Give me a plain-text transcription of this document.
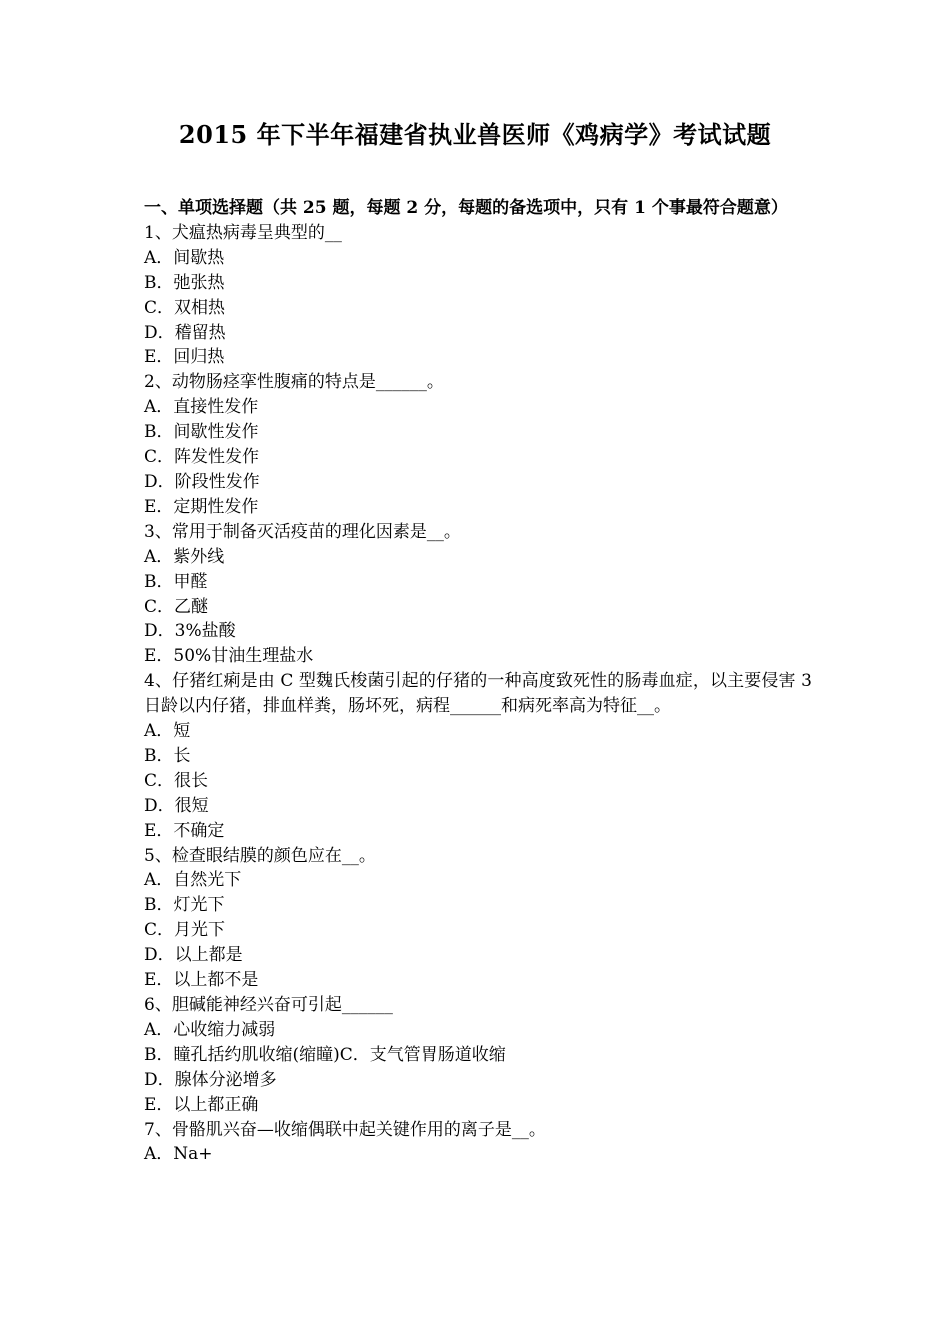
2015 年下半年福建省执业兽医师《鸡病学》考试试题
一、单项选择题（共 25 题，每题 2 分，每题的备选项中，只有 1 个事最符合题意）
1、犬瘟热病毒呈典型的__
A．间歇热
B．弛张热
C．双相热
D．稽留热
E．回归热
2、动物肠痉挛性腹痛的特点是______。
A．直接性发作
B．间歇性发作
C．阵发性发作
D．阶段性发作
E．定期性发作
3、常用于制备灭活疫苗的理化因素是__。
A．紫外线
B．甲醛
C．乙醚
D．3%盐酸
E．50%甘油生理盐水
4、仔猪红痢是由 C 型魏氏梭菌引起的仔猪的一种高度致死性的肠毒血症，以主要侵害 3 日龄以内仔猪，排血样粪，肠坏死，病程______和病死率高为特征__。
A．短
B．长
C．很长
D．很短
E．不确定
5、检查眼结膜的颜色应在__。
A．自然光下
B．灯光下
C．月光下
D．以上都是
E．以上都不是
6、胆碱能神经兴奋可引起______
A．心收缩力减弱
B．瞳孔括约肌收缩(缩瞳)C．支气管胃肠道收缩
D．腺体分泌增多
E．以上都正确
7、骨骼肌兴奋—收缩偶联中起关键作用的离子是__。
A．Na+
